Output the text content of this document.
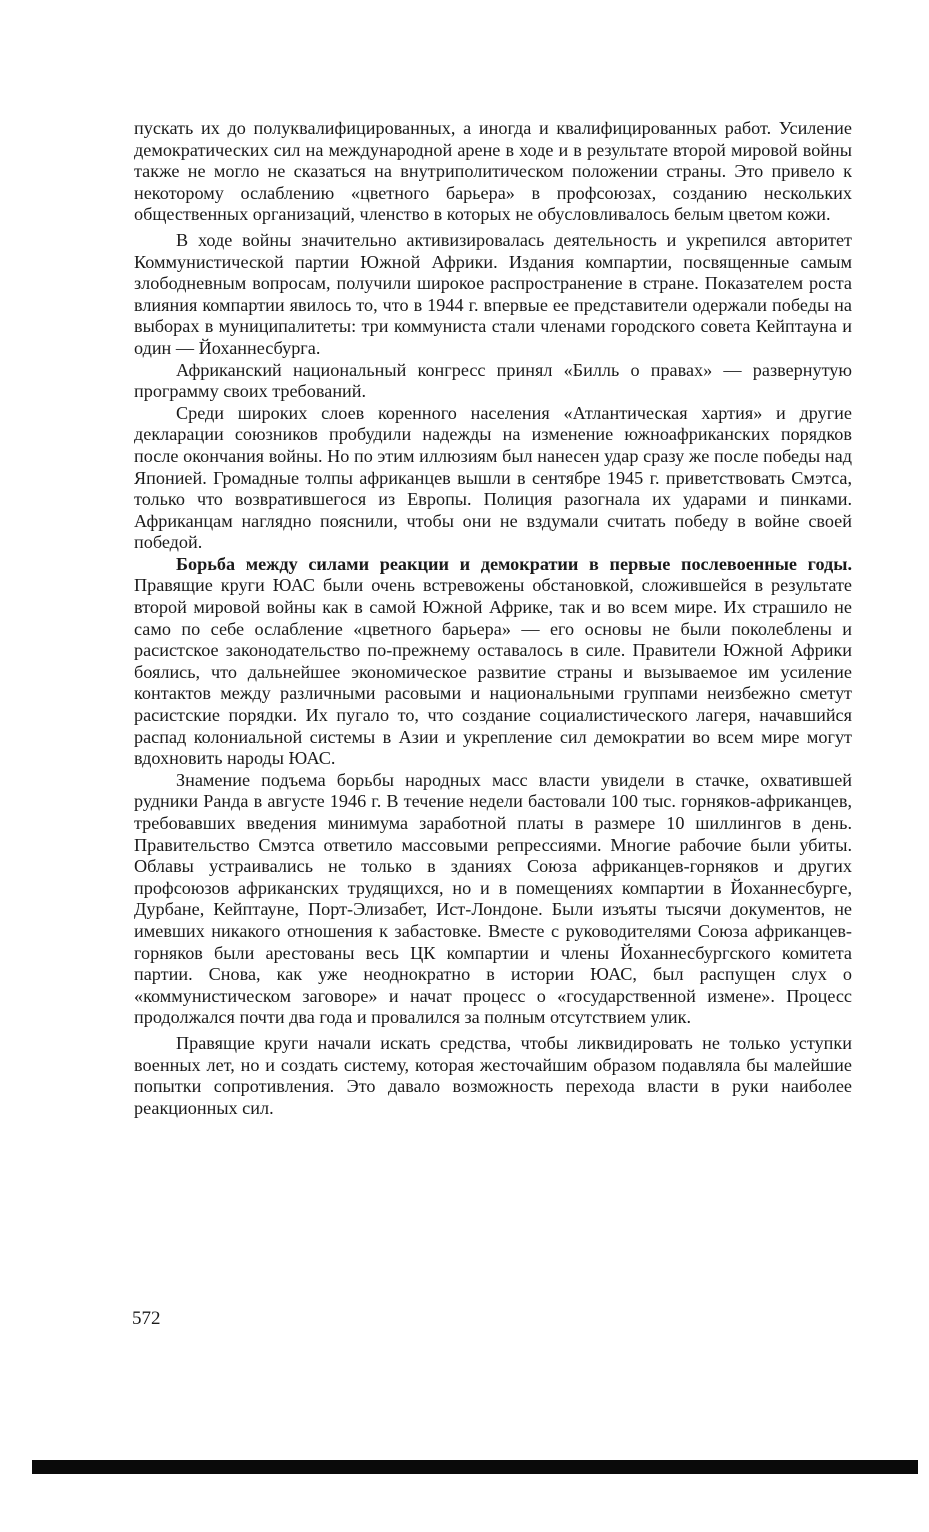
пускать их до полуквалифицированных, а иногда и квалифицированных работ. Усиление демократических сил на международной арене в ходе и в результате второй мировой войны также не могло не сказаться на внутриполитическом положении страны. Это привело к некоторому ослаблению «цветного барьера» в профсоюзах, созданию нескольких общественных организаций, членство в которых не обусловливалось белым цветом кожи.

В ходе войны значительно активизировалась деятельность и укрепился авторитет Коммунистической партии Южной Африки. Издания компартии, посвященные самым злободневным вопросам, получили широкое распространение в стране. Показателем роста влияния компартии явилось то, что в 1944 г. впервые ее представители одержали победы на выборах в муниципалитеты: три коммуниста стали членами городского совета Кейптауна и один — Йоханнесбурга.

Африканский национальный конгресс принял «Билль о правах» — развернутую программу своих требований.

Среди широких слоев коренного населения «Атлантическая хартия» и другие декларации союзников пробудили надежды на изменение южноафриканских порядков после окончания войны. Но по этим иллюзиям был нанесен удар сразу же после победы над Японией. Громадные толпы африканцев вышли в сентябре 1945 г. приветствовать Смэтса, только что возвратившегося из Европы. Полиция разогнала их ударами и пинками. Африканцам наглядно пояснили, чтобы они не вздумали считать победу в войне своей победой.

Борьба между силами реакции и демократии в первые послевоенные годы. Правящие круги ЮАС были очень встревожены обстановкой, сложившейся в результате второй мировой войны как в самой Южной Африке, так и во всем мире. Их страшило не само по себе ослабление «цветного барьера» — его основы не были поколеблены и расистское законодательство по-прежнему оставалось в силе. Правители Южной Африки боялись, что дальнейшее экономическое развитие страны и вызываемое им усиление контактов между различными расовыми и национальными группами неизбежно сметут расистские порядки. Их пугало то, что создание социалистического лагеря, начавшийся распад колониальной системы в Азии и укрепление сил демократии во всем мире могут вдохновить народы ЮАС.

Знамение подъема борьбы народных масс власти увидели в стачке, охватившей рудники Ранда в августе 1946 г. В течение недели бастовали 100 тыс. горняков-африканцев, требовавших введения минимума заработной платы в размере 10 шиллингов в день. Правительство Смэтса ответило массовыми репрессиями. Многие рабочие были убиты. Облавы устраивались не только в зданиях Союза африканцев-горняков и других профсоюзов африканских трудящихся, но и в помещениях компартии в Йоханнесбурге, Дурбане, Кейптауне, Порт-Элизабет, Ист-Лондоне. Были изъяты тысячи документов, не имевших никакого отношения к забастовке. Вместе с руководителями Союза африканцев-горняков были арестованы весь ЦК компартии и члены Йоханнесбургского комитета партии. Снова, как уже неоднократно в истории ЮАС, был распущен слух о «коммунистическом заговоре» и начат процесс о «государственной измене». Процесс продолжался почти два года и провалился за полным отсутствием улик.

Правящие круги начали искать средства, чтобы ликвидировать не только уступки военных лет, но и создать систему, которая жесточайшим образом подавляла бы малейшие попытки сопротивления. Это давало возможность перехода власти в руки наиболее реакционных сил.

572
